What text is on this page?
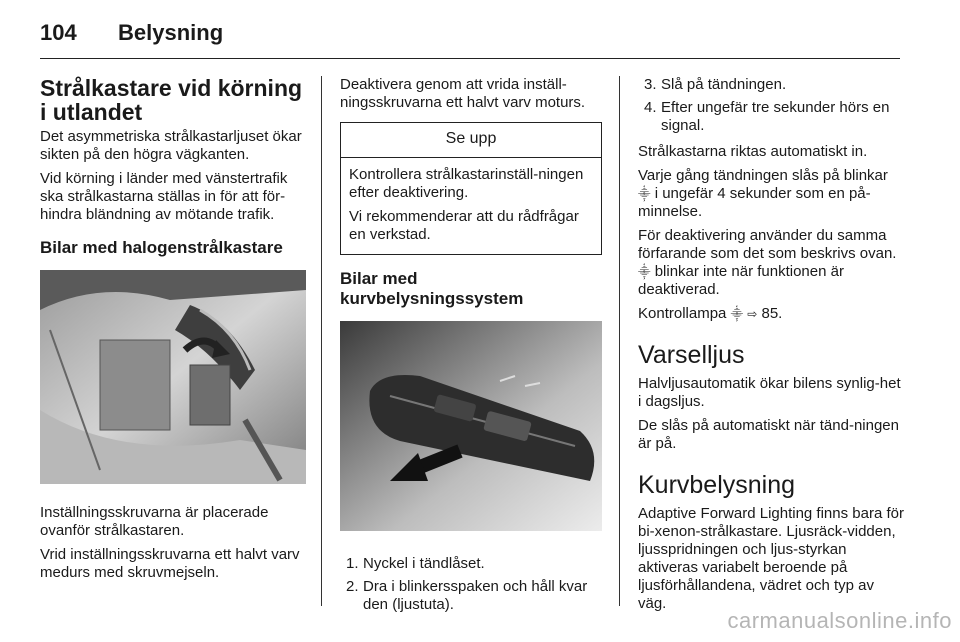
104 Belysning
Strålkastare vid körning i utlandet

Det asymmetriska strålkastarljuset ökar sikten på den högra vägkanten.

Vid körning i länder med vänstertrafik ska strålkastarna ställas in för att för-hindra bländning av mötande trafik.

Bilar med halogenstrålkastare

Inställningsskruvarna är placerade ovanför strålkastaren.

Vrid inställningsskruvarna ett halvt varv medurs med skruvmejseln.

Deaktivera genom att vrida inställ-ningsskruvarna ett halvt varv moturs.

Se upp

Kontrollera strålkastarinställ-ningen efter deaktivering.

Vi rekommenderar att du rådfrågar en verkstad.

Bilar med kurvbelysningssystem
1. Nyckel i tändlåset.
2. Dra i blinkersspaken och håll kvar den (ljustuta).
3. Slå på tändningen.
4. Efter ungefär tre sekunder hörs en signal.

Strålkastarna riktas automatiskt in.

Varje gång tändningen slås på blinkar ⸎ i ungefär 4 sekunder som en på-minnelse.

För deaktivering använder du samma förfarande som det som beskrivs ovan. ⸎ blinkar inte när funktionen är deaktiverad.

Kontrollampa ⸎ ⇨ 85.

Varselljus

Halvljusautomatik ökar bilens synlig-het i dagsljus.

De slås på automatiskt när tänd-ningen är på.

Kurvbelysning

Adaptive Forward Lighting finns bara för bi-xenon-strålkastare. Ljusräck-vidden, ljusspridningen och ljus-styrkan aktiveras variabelt beroende på ljusförhållandena, vädret och typ av väg.

carmanualsonline.info
